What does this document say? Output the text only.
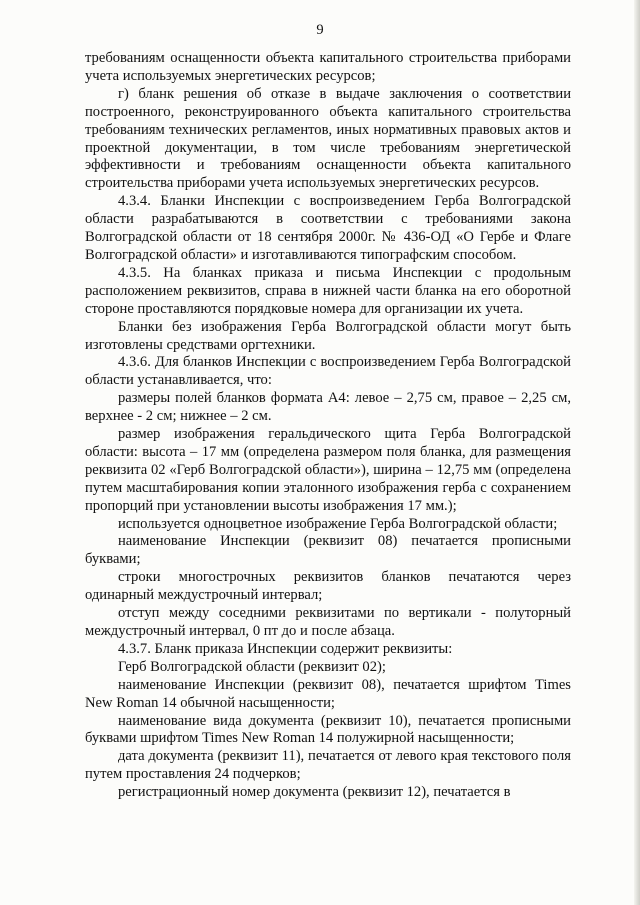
9

требованиям оснащенности объекта капитального строительства приборами учета используемых энергетических ресурсов;

г) бланк решения об отказе в выдаче заключения о соответствии построенного, реконструированного объекта капитального строительства требованиям технических регламентов, иных нормативных правовых актов и проектной документации, в том числе требованиям энергетической эффективности и требованиям оснащенности объекта капитального строительства приборами учета используемых энергетических ресурсов.

4.3.4. Бланки Инспекции с воспроизведением Герба Волгоградской области разрабатываются в соответствии с требованиями закона Волгоградской области от 18 сентября 2000г. № 436-ОД «О Гербе и Флаге Волгоградской области» и изготавливаются типографским способом.

4.3.5. На бланках приказа и письма Инспекции с продольным расположением реквизитов, справа в нижней части бланка на его оборотной стороне проставляются порядковые номера для организации их учета.

Бланки без изображения Герба Волгоградской области могут быть изготовлены средствами оргтехники.

4.3.6. Для бланков Инспекции с воспроизведением Герба Волгоградской области устанавливается, что:

размеры полей бланков формата А4: левое – 2,75 см, правое – 2,25 см, верхнее - 2 см; нижнее – 2 см.

размер изображения геральдического щита Герба Волгоградской области: высота – 17 мм (определена размером поля бланка, для размещения реквизита 02 «Герб Волгоградской области»), ширина – 12,75 мм (определена путем масштабирования копии эталонного изображения герба с сохранением пропорций при установлении высоты изображения 17 мм.);

используется одноцветное изображение Герба Волгоградской области;

наименование Инспекции (реквизит 08) печатается прописными буквами;

строки многострочных реквизитов бланков печатаются через одинарный междустрочный интервал;

отступ между соседними реквизитами по вертикали - полуторный междустрочный интервал, 0 пт до и после абзаца.

4.3.7. Бланк приказа Инспекции содержит реквизиты:

Герб Волгоградской области (реквизит 02);

наименование Инспекции (реквизит 08), печатается шрифтом Times New Roman 14 обычной насыщенности;

наименование вида документа (реквизит 10), печатается прописными буквами шрифтом Times New Roman 14 полужирной насыщенности;

дата документа (реквизит 11), печатается от левого края текстового поля путем проставления 24 подчерков;

регистрационный номер документа (реквизит 12), печатается в
